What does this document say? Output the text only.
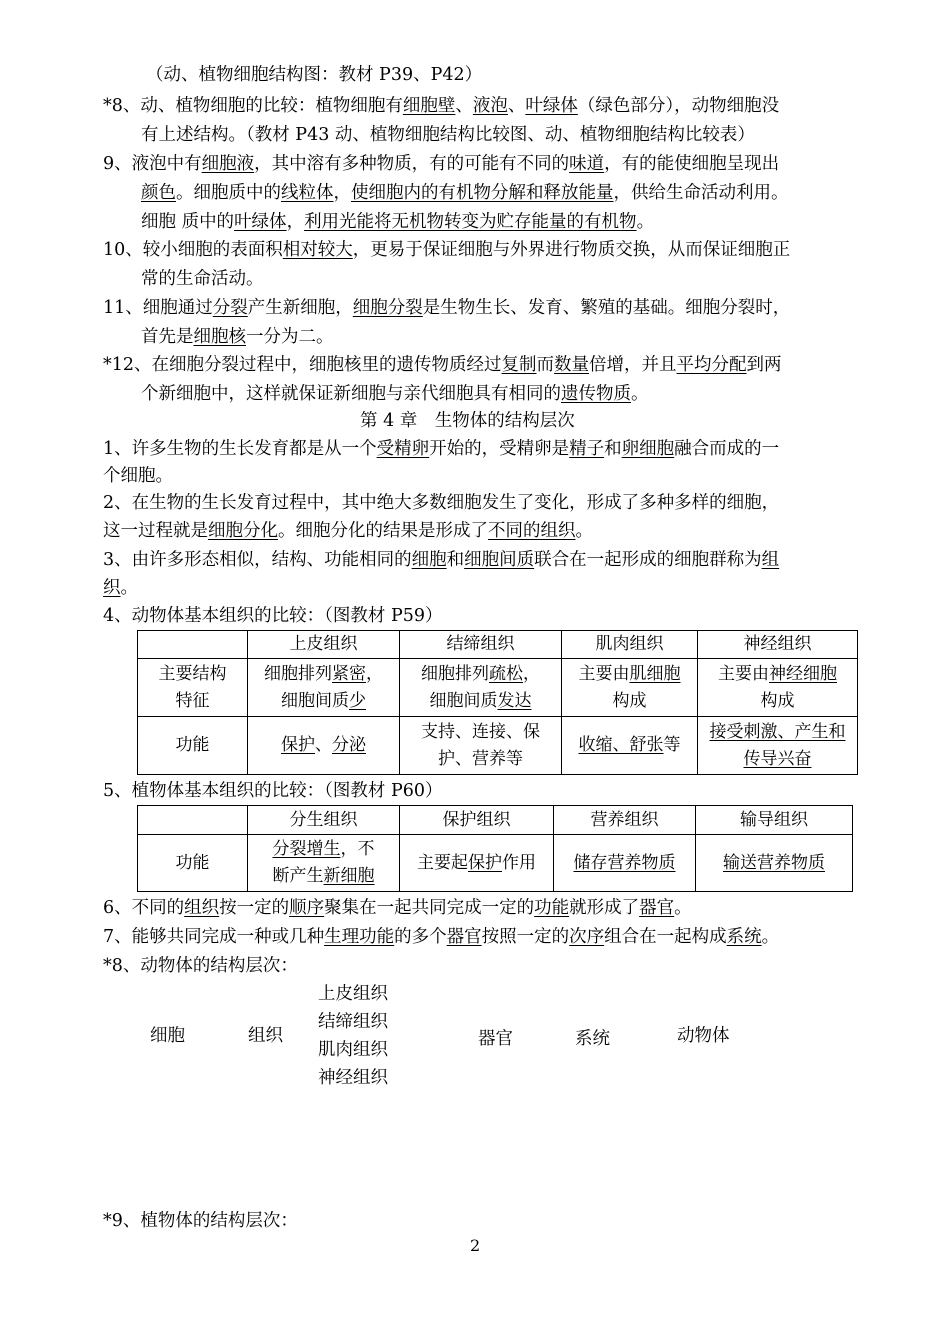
（动、植物细胞结构图：教材 P39、P42）
*8、动、植物细胞的比较：植物细胞有细胞壁、液泡、叶绿体（绿色部分），动物细胞没
有上述结构。（教材 P43 动、植物细胞结构比较图、动、植物细胞结构比较表）
9、液泡中有细胞液，其中溶有多种物质，有的可能有不同的味道，有的能使细胞呈现出
颜色。细胞质中的线粒体，使细胞内的有机物分解和释放能量，供给生命活动利用。
细胞 质中的叶绿体，利用光能将无机物转变为贮存能量的有机物。
10、较小细胞的表面积相对较大，更易于保证细胞与外界进行物质交换，从而保证细胞正
常的生命活动。
11、细胞通过分裂产生新细胞，细胞分裂是生物生长、发育、繁殖的基础。细胞分裂时，
首先是细胞核一分为二。
*12、在细胞分裂过程中，细胞核里的遗传物质经过复制而数量倍增，并且平均分配到两
个新细胞中，这样就保证新细胞与亲代细胞具有相同的遗传物质。
第 4 章　生物体的结构层次
1、许多生物的生长发育都是从一个受精卵开始的，受精卵是精子和卵细胞融合而成的一
个细胞。
2、在生物的生长发育过程中，其中绝大多数细胞发生了变化，形成了多种多样的细胞，
这一过程就是细胞分化。细胞分化的结果是形成了不同的组织。
3、由许多形态相似，结构、功能相同的细胞和细胞间质联合在一起形成的细胞群称为组
织。
4、动物体基本组织的比较：（图教材 P59）
	上皮组织	结缔组织	肌肉组织	神经组织
主要结构
特征	细胞排列紧密，
细胞间质少	细胞排列疏松，
细胞间质发达	主要由肌细胞
构成	主要由神经细胞
构成
功能	保护、分泌	支持、连接、保
护、营养等	收缩、舒张等	接受刺激、产生和
传导兴奋
5、植物体基本组织的比较：（图教材 P60）
	分生组织	保护组织	营养组织	输导组织
功能	分裂增生，不
断产生新细胞	主要起保护作用	储存营养物质	输送营养物质
6、不同的组织按一定的顺序聚集在一起共同完成一定的功能就形成了器官。
7、能够共同完成一种或几种生理功能的多个器官按照一定的次序组合在一起构成系统。
*8、动物体的结构层次：
细胞	组织
上皮组织
结缔组织
肌肉组织
神经组织
器官	系统	动物体
*9、植物体的结构层次：
2
